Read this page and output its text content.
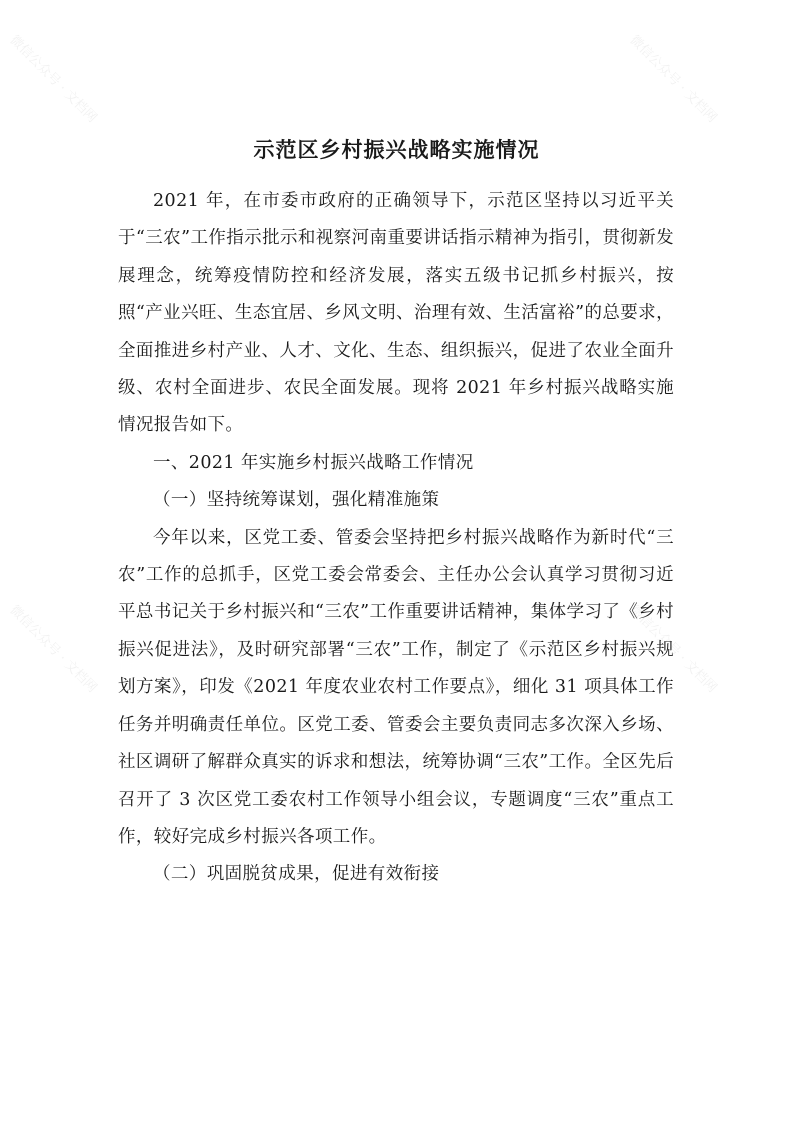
微信公众号 · 文档网	微信公众号 · 文档网
微信公众号 · 文档网	微信公众号 · 文档网
示范区乡村振兴战略实施情况

2021 年，在市委市政府的正确领导下，示范区坚持以习近平关于“三农”工作指示批示和视察河南重要讲话指示精神为指引，贯彻新发展理念，统筹疫情防控和经济发展，落实五级书记抓乡村振兴，按照“产业兴旺、生态宜居、乡风文明、治理有效、生活富裕”的总要求，全面推进乡村产业、人才、文化、生态、组织振兴，促进了农业全面升级、农村全面进步、农民全面发展。现将 2021 年乡村振兴战略实施情况报告如下。

一、2021 年实施乡村振兴战略工作情况

（一）坚持统筹谋划，强化精准施策

今年以来，区党工委、管委会坚持把乡村振兴战略作为新时代“三农”工作的总抓手，区党工委会常委会、主任办公会认真学习贯彻习近平总书记关于乡村振兴和“三农”工作重要讲话精神，集体学习了《乡村振兴促进法》，及时研究部署“三农”工作，制定了《示范区乡村振兴规划方案》，印发《2021 年度农业农村工作要点》，细化 31 项具体工作任务并明确责任单位。区党工委、管委会主要负责同志多次深入乡场、社区调研了解群众真实的诉求和想法，统筹协调“三农”工作。全区先后召开了 3 次区党工委农村工作领导小组会议，专题调度“三农”重点工作，较好完成乡村振兴各项工作。

（二）巩固脱贫成果，促进有效衔接
